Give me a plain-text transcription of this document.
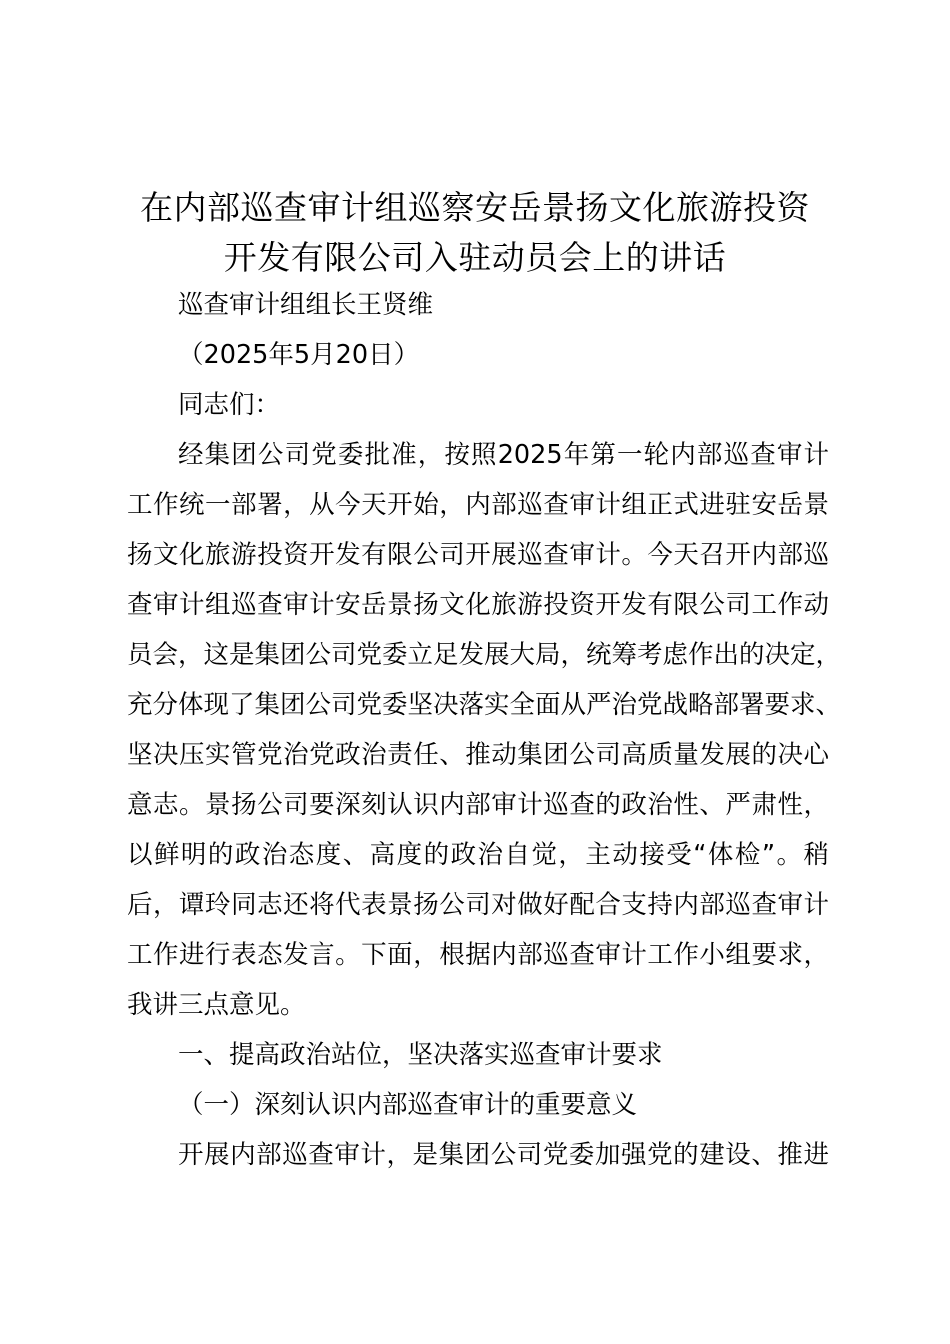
在内部巡查审计组巡察安岳景扬文化旅游投资
开发有限公司入驻动员会上的讲话
巡查审计组组长王贤维
（2025年5月20日）
同志们：
经集团公司党委批准，按照2025年第一轮内部巡查审计
工作统一部署，从今天开始，内部巡查审计组正式进驻安岳景
扬文化旅游投资开发有限公司开展巡查审计。今天召开内部巡
查审计组巡查审计安岳景扬文化旅游投资开发有限公司工作动
员会，这是集团公司党委立足发展大局，统筹考虑作出的决定，
充分体现了集团公司党委坚决落实全面从严治党战略部署要求、
坚决压实管党治党政治责任、推动集团公司高质量发展的决心
意志。景扬公司要深刻认识内部审计巡查的政治性、严肃性，
以鲜明的政治态度、高度的政治自觉，主动接受“体检”。稍
后，谭玲同志还将代表景扬公司对做好配合支持内部巡查审计
工作进行表态发言。下面，根据内部巡查审计工作小组要求，
我讲三点意见。
一、提高政治站位，坚决落实巡查审计要求
（一）深刻认识内部巡查审计的重要意义
开展内部巡查审计，是集团公司党委加强党的建设、推进
